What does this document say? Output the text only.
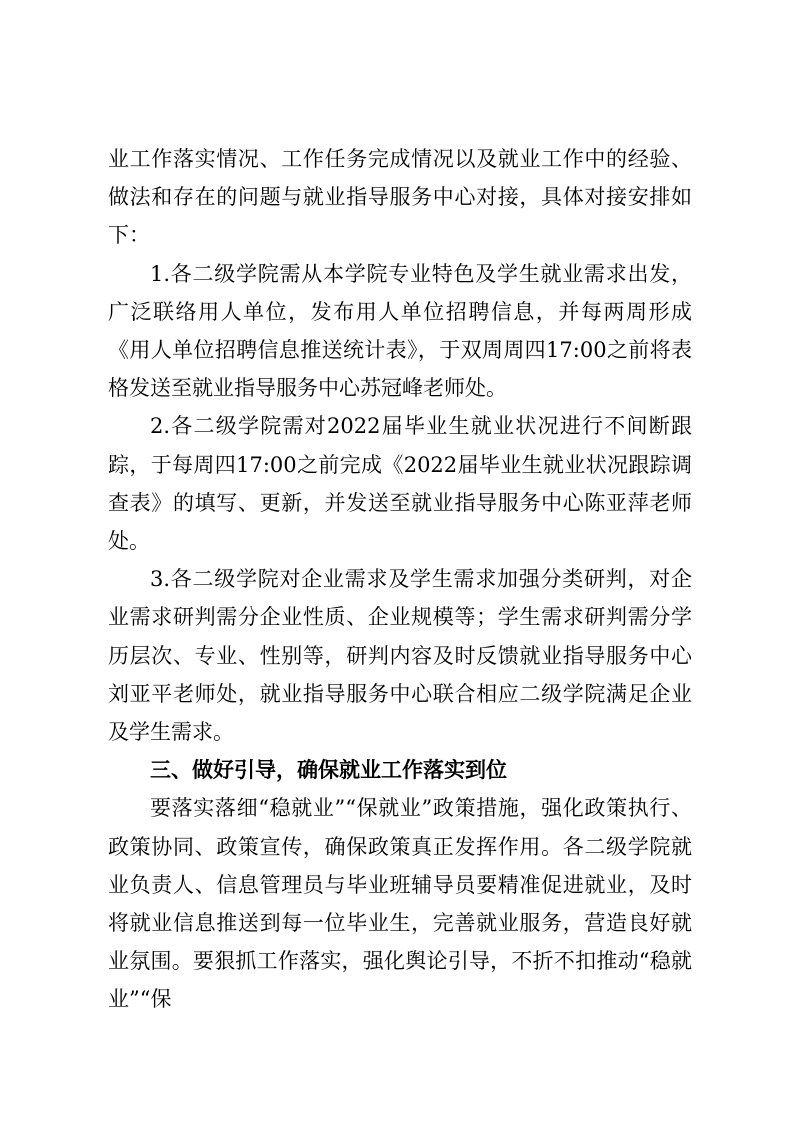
业工作落实情况、工作任务完成情况以及就业工作中的经验、做法和存在的问题与就业指导服务中心对接，具体对接安排如下：

1.各二级学院需从本学院专业特色及学生就业需求出发，广泛联络用人单位，发布用人单位招聘信息，并每两周形成《用人单位招聘信息推送统计表》，于双周周四17:00之前将表格发送至就业指导服务中心苏冠峰老师处。

2.各二级学院需对2022届毕业生就业状况进行不间断跟踪，于每周四17:00之前完成《2022届毕业生就业状况跟踪调查表》的填写、更新，并发送至就业指导服务中心陈亚萍老师处。

3.各二级学院对企业需求及学生需求加强分类研判，对企业需求研判需分企业性质、企业规模等；学生需求研判需分学历层次、专业、性别等，研判内容及时反馈就业指导服务中心刘亚平老师处，就业指导服务中心联合相应二级学院满足企业及学生需求。

三、做好引导，确保就业工作落实到位

要落实落细“稳就业”“保就业”政策措施，强化政策执行、政策协同、政策宣传，确保政策真正发挥作用。各二级学院就业负责人、信息管理员与毕业班辅导员要精准促进就业，及时将就业信息推送到每一位毕业生，完善就业服务，营造良好就业氛围。要狠抓工作落实，强化舆论引导，不折不扣推动“稳就业”“保
